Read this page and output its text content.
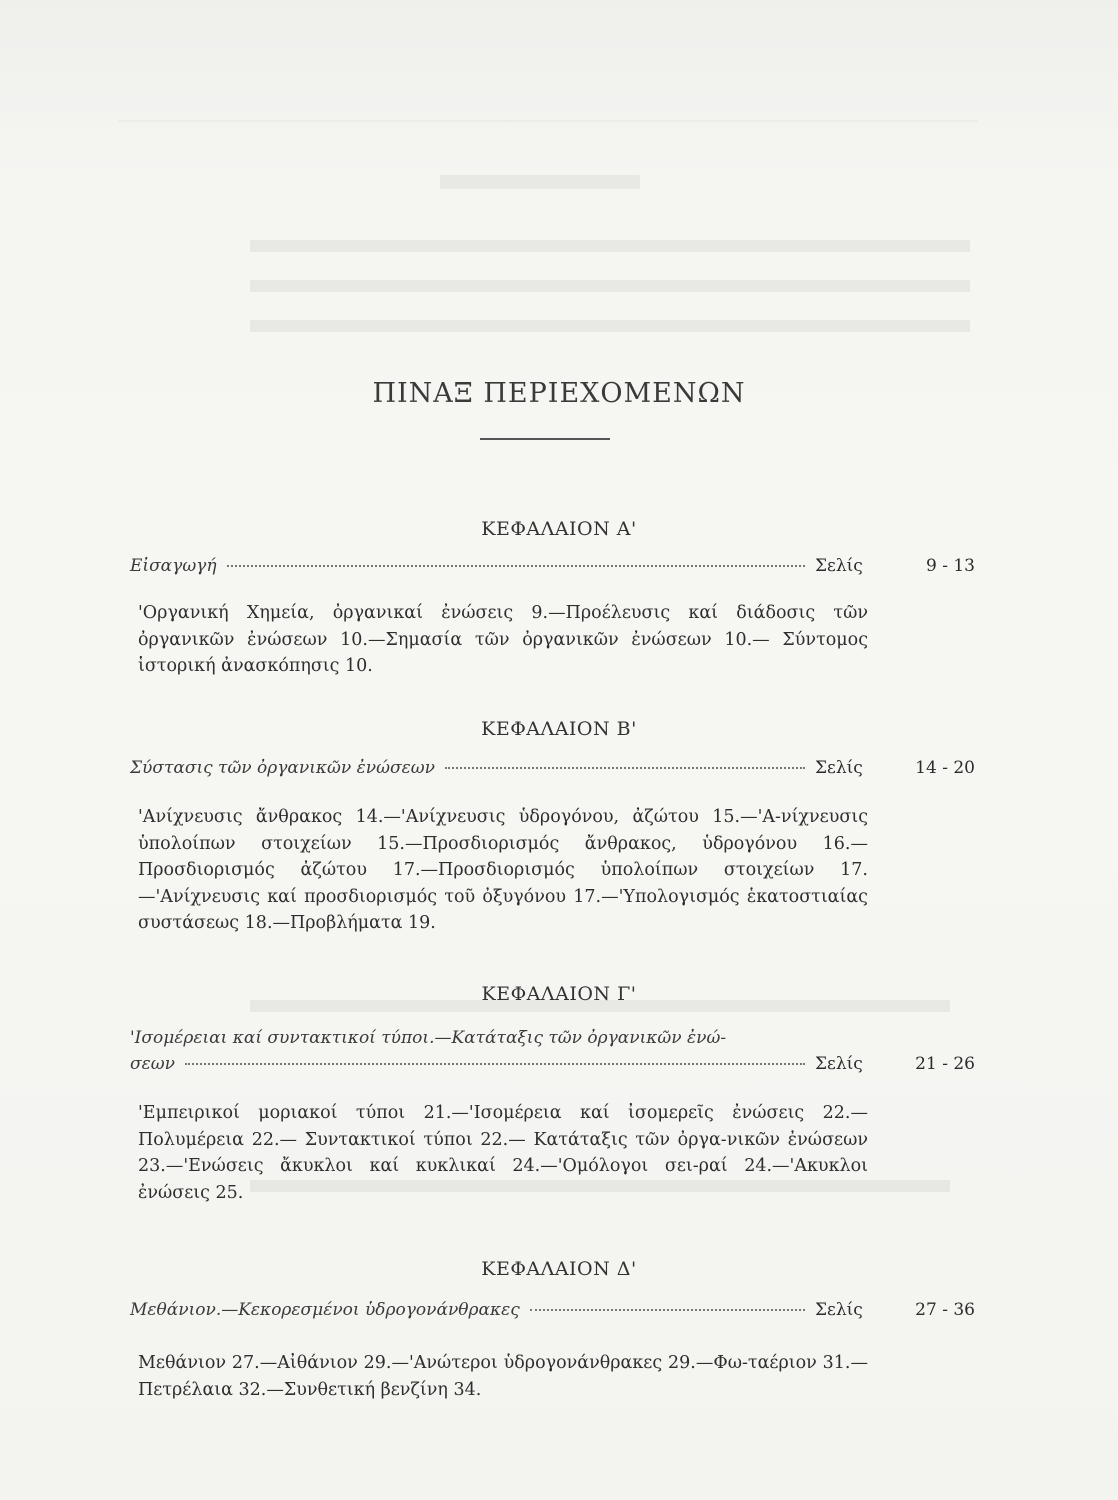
ΠΙΝΑΞ ΠΕΡΙΕΧΟΜΕΝΩΝ
ΚΕΦΑΛΑΙΟΝ Α'
Εἰσαγωγή	Σελίς	9 - 13
'Οργανική Χημεία, ὀργανικαί ἐνώσεις 9.—Προέλευσις καί διάδοσις τῶν ὀργανικῶν ἐνώσεων 10.—Σημασία τῶν ὀργανικῶν ἐνώσεων 10.— Σύντομος ἱστορική ἀνασκόπησις 10.
ΚΕΦΑΛΑΙΟΝ Β'
Σύστασις τῶν ὀργανικῶν ἐνώσεων	Σελίς	14 - 20
'Ανίχνευσις ἄνθρακος 14.—'Ανίχνευσις ὑδρογόνου, ἀζώτου 15.—'Α-νίχνευσις ὑπολοίπων στοιχείων 15.—Προσδιορισμός ἄνθρακος, ὑδρογόνου 16.—Προσδιορισμός ἀζώτου 17.—Προσδιορισμός ὑπολοίπων στοιχείων 17.—'Ανίχνευσις καί προσδιορισμός τοῦ ὀξυγόνου 17.—'Υπολογισμός ἑκατοστιαίας συστάσεως 18.—Προβλήματα 19.
ΚΕΦΑΛΑΙΟΝ Γ'
'Ισομέρειαι καί συντακτικοί τύποι.—Κατάταξις τῶν ὀργανικῶν ἐνώ-
σεων	Σελίς	21 - 26
'Εμπειρικοί μοριακοί τύποι 21.—'Ισομέρεια καί ἰσομερεῖς ἐνώσεις 22.—Πολυμέρεια 22.— Συντακτικοί τύποι 22.— Κατάταξις τῶν ὀργα-νικῶν ἐνώσεων 23.—'Ενώσεις ἄκυκλοι καί κυκλικαί 24.—'Ομόλογοι σει-ραί 24.—'Ακυκλοι ἐνώσεις 25.
ΚΕΦΑΛΑΙΟΝ Δ'
Μεθάνιον.—Κεκορεσμένοι ὑδρογονάνθρακες	Σελίς	27 - 36
Μεθάνιον 27.—Αἰθάνιον 29.—'Ανώτεροι ὑδρογονάνθρακες 29.—Φω-ταέριον 31.—Πετρέλαια 32.—Συνθετική βενζίνη 34.
